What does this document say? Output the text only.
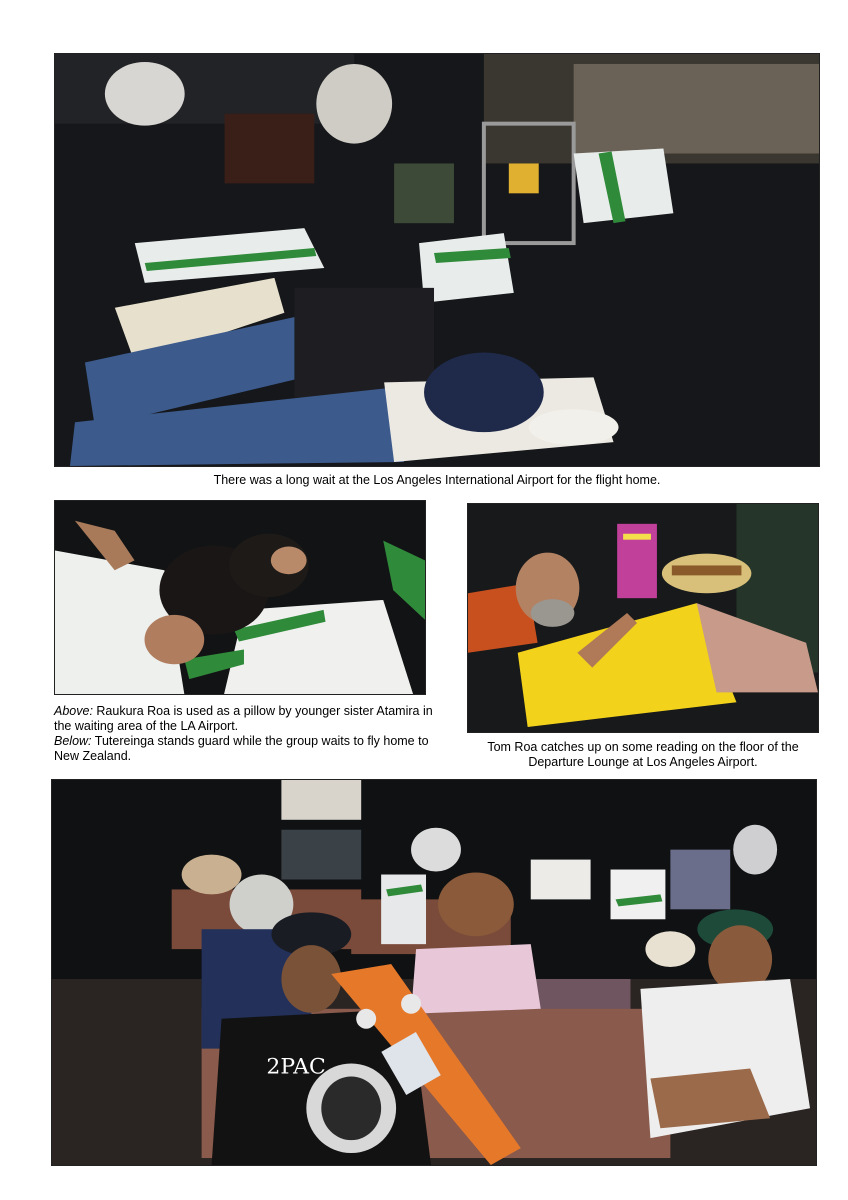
There was a long wait at the Los Angeles International Airport for the flight home.

Above: Raukura Roa is used as a pillow by younger sister Atamira in the waiting area of the LA Airport.
Below: Tutereinga stands guard while the group waits to fly home to New Zealand.

Tom Roa catches up on some reading on the floor of the Departure Lounge at Los Angeles Airport.

2PAC
